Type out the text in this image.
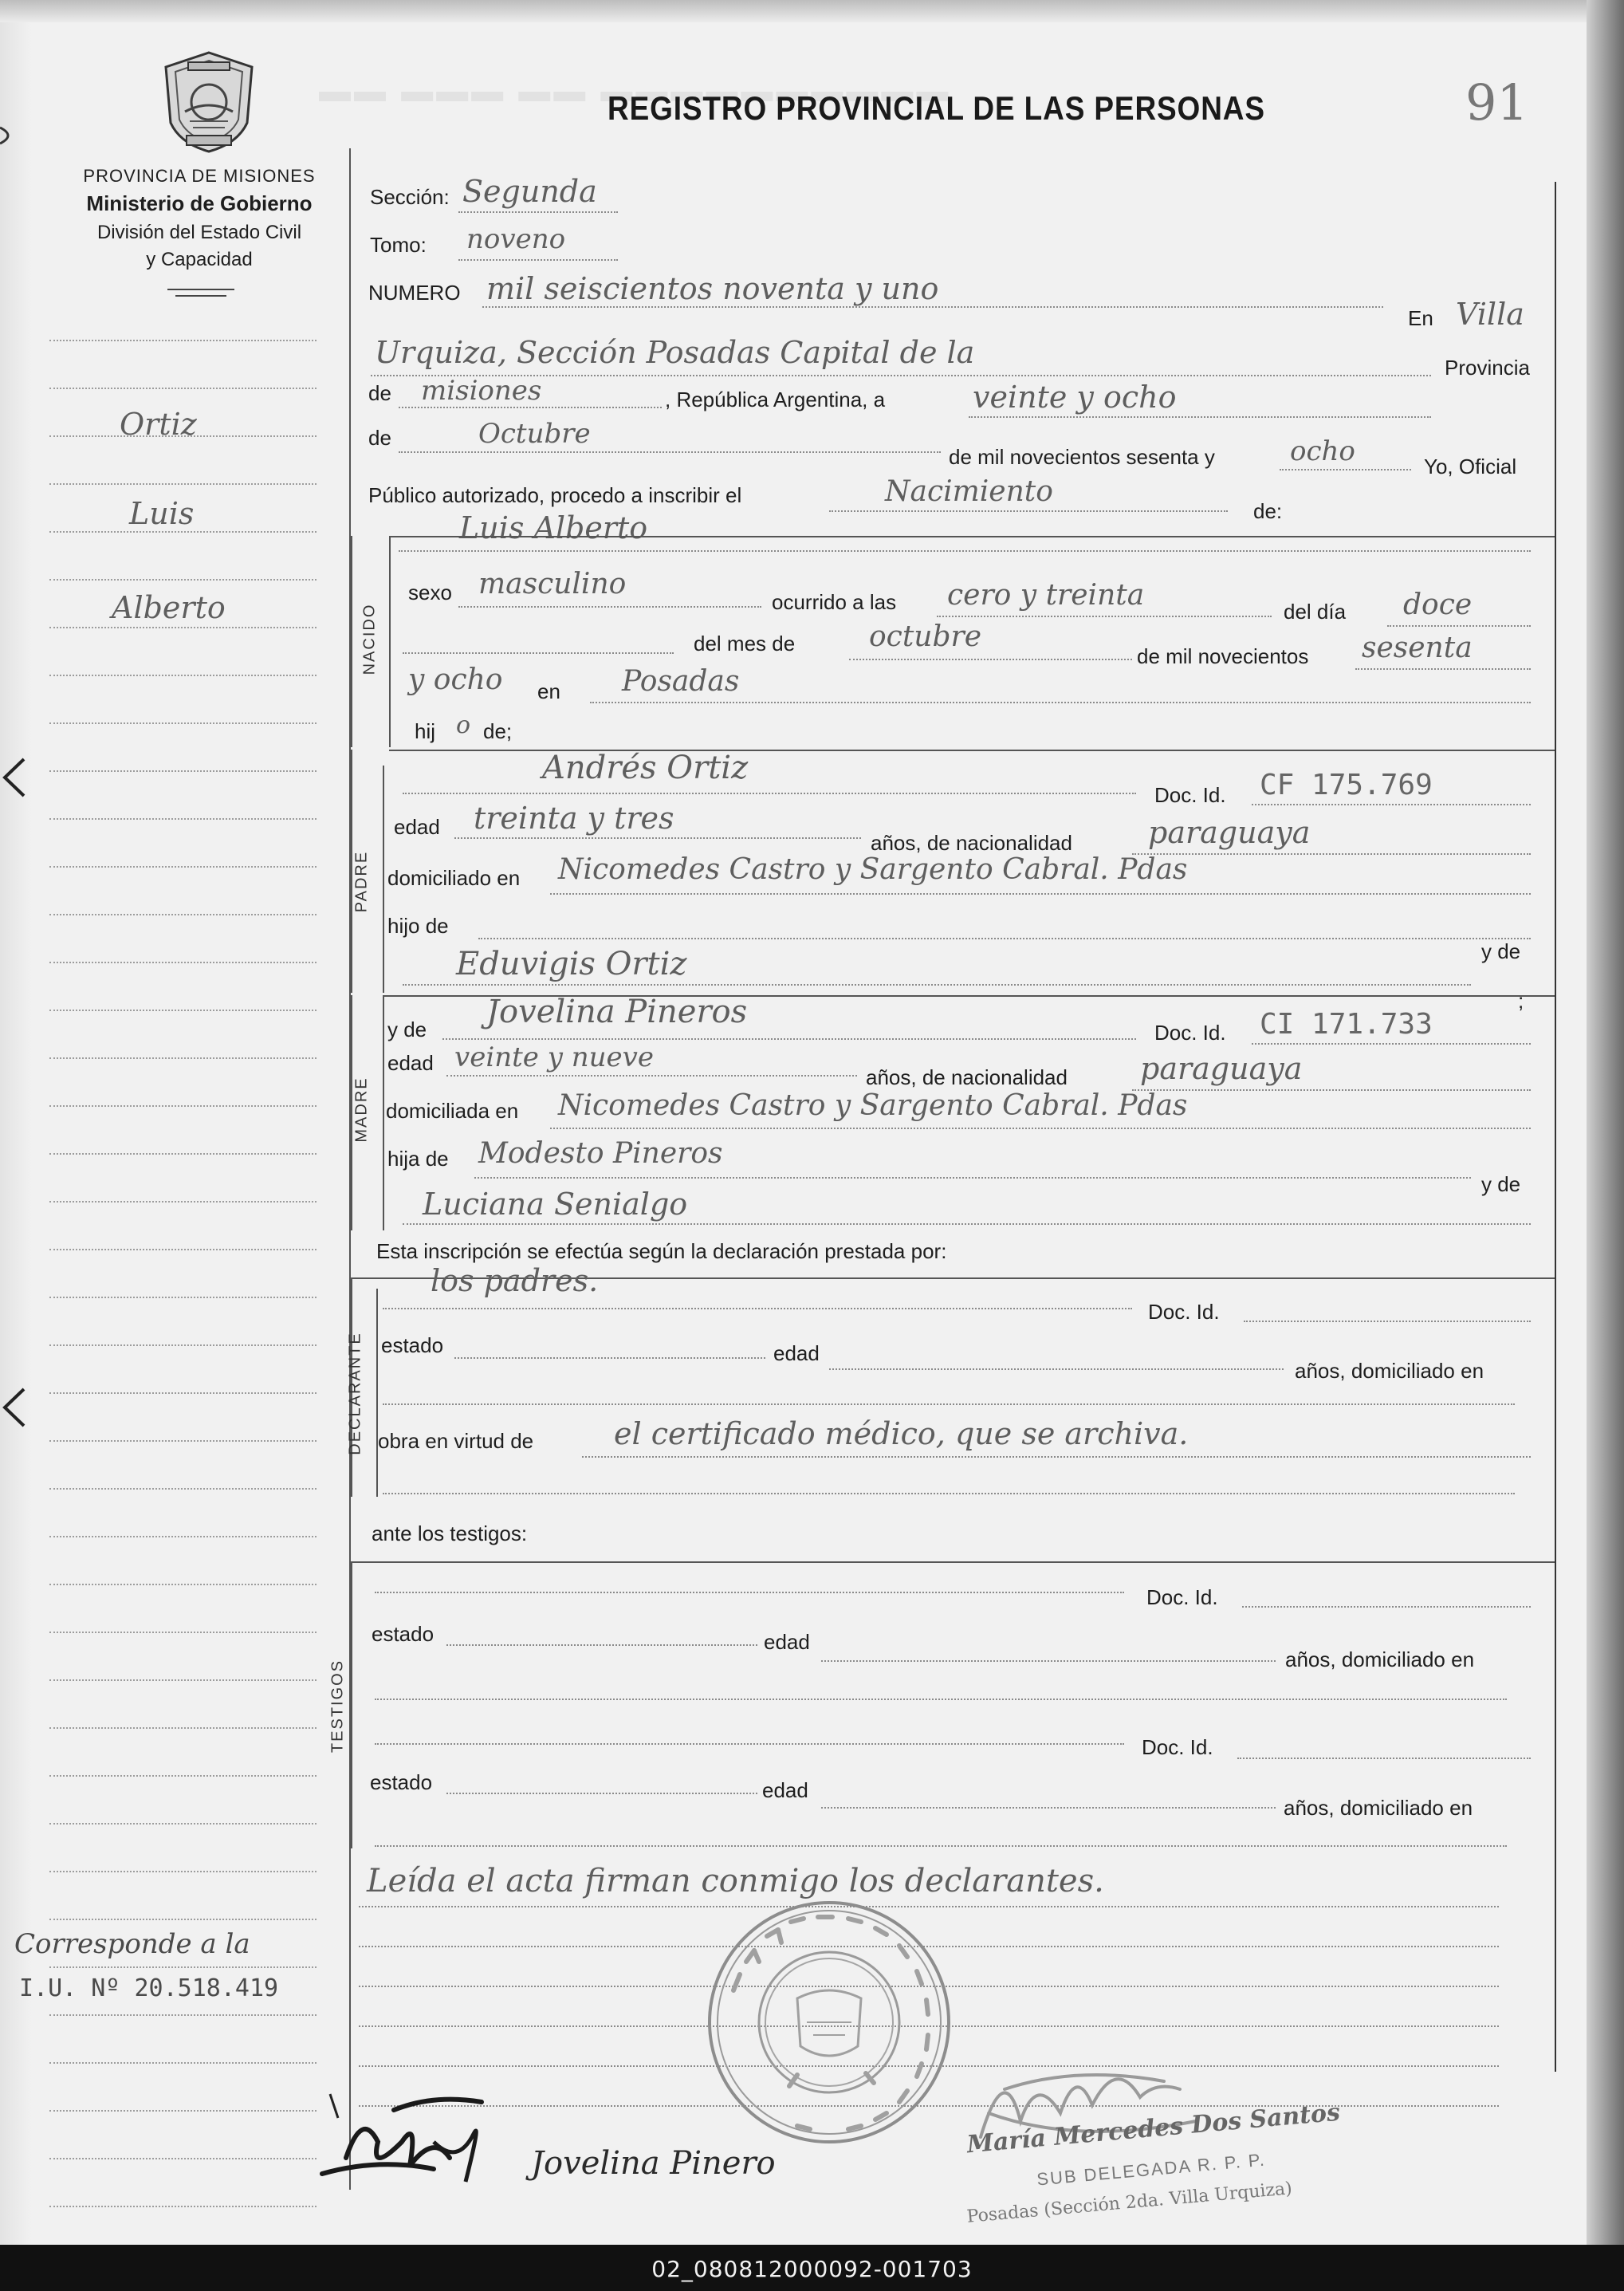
▬▬ ▬▬▬ ▬▬ ▬▬▬▬▬▬▬▬▬▬
PROVINCIA DE MISIONES
Ministerio de Gobierno
División del Estado Civil
y Capacidad
REGISTRO PROVINCIAL DE LAS PERSONAS	91
Ortiz
Luis
Alberto
Corresponde a la
I.U. Nº 20.518.419
Sección: Segunda
Tomo: noveno
NUMERO mil seiscientos noventa y uno
En Villa
Urquiza, Sección Posadas Capital de la	Provincia
de misiones	, República Argentina, a	veinte y ocho
de	Octubre
de mil novecientos sesenta y	ocho	Yo, Oficial
Público autorizado, procedo a inscribir el	Nacimiento
de:
Luis Alberto
NACIDO
sexo masculino
ocurrido a las cero y treinta	del día doce
del mes de	octubre
de mil novecientos sesenta
y ocho en Posadas
hij o de;
PADRE
Andrés Ortiz
Doc. Id. CF 175.769
edad treinta y tres
años, de nacionalidad	paraguaya
domiciliado en Nicomedes Castro y Sargento Cabral. Pdas
hijo de
Eduvigis Ortiz	y de
MADRE
y de Jovelina Pineros
Doc. Id. CI 171.733
;
edad veinte y nueve
años, de nacionalidad paraguaya
domiciliada en Nicomedes Castro y Sargento Cabral. Pdas
hija de Modesto Pineros
y de
Luciana Senialgo
Esta inscripción se efectúa según la declaración prestada por:
DECLARANTE
los padres.
Doc. Id.
estado	edad
años, domiciliado en
obra en virtud de	el certificado médico, que se archiva.
ante los testigos:
TESTIGOS
Doc. Id.
estado	edad
años, domiciliado en
Doc. Id.
estado	edad
años, domiciliado en
Leída el acta firman conmigo los declarantes.
Jovelina Pinero
María Mercedes Dos Santos
SUB DELEGADA R. P. P.
Posadas (Sección 2da. Villa Urquiza)
02_080812000092-001703
